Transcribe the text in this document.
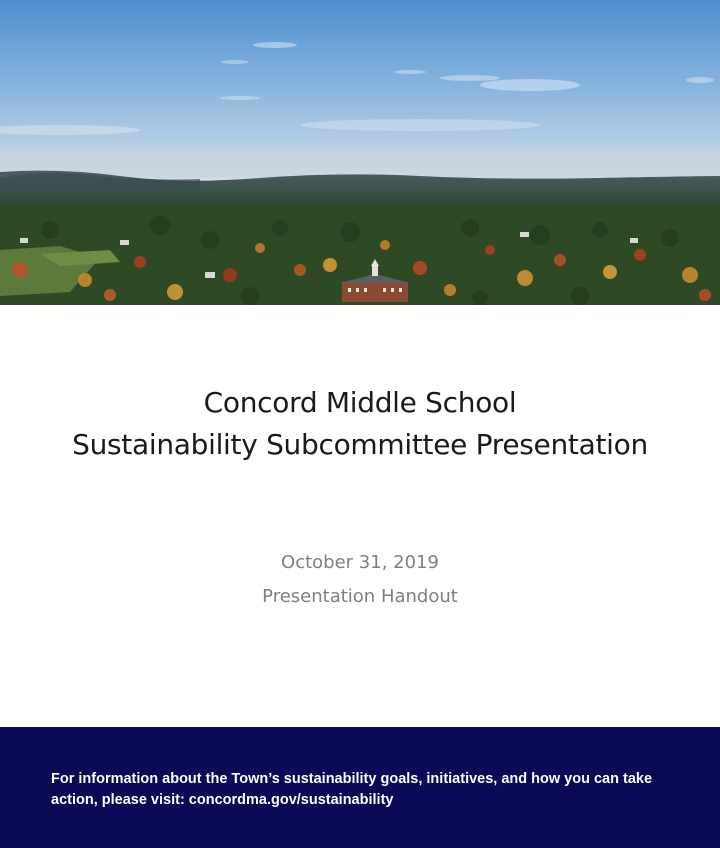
Concord Middle School
Sustainability Subcommittee Presentation
October 31, 2019
Presentation Handout
For information about the Town’s sustainability goals, initiatives, and how you can take action, please visit: concordma.gov/sustainability
